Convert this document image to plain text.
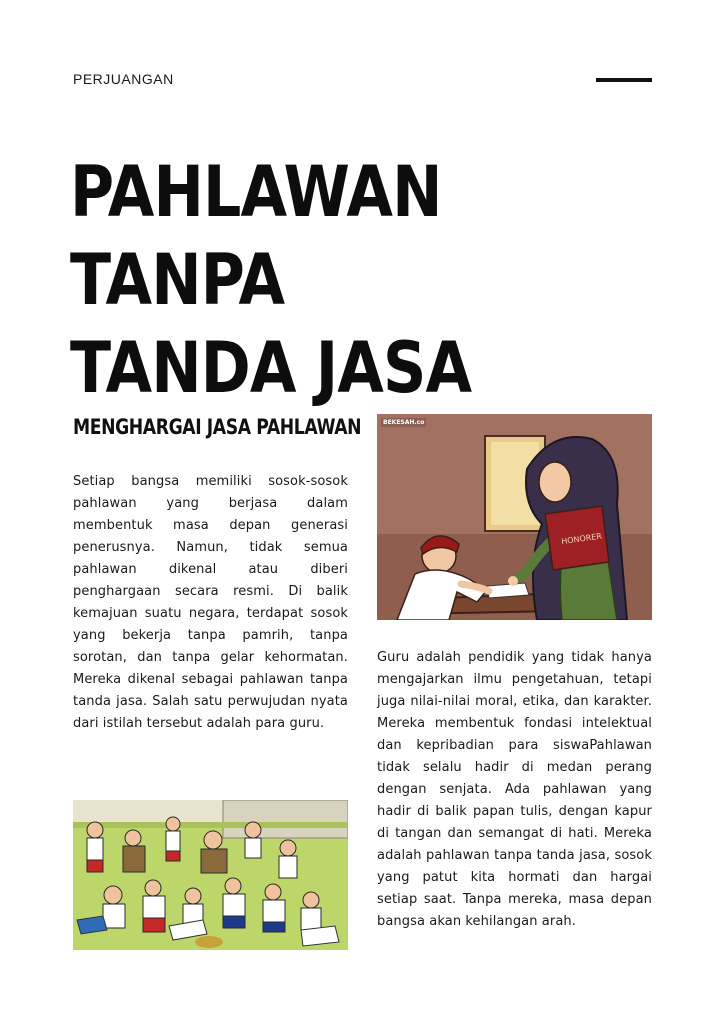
PERJUANGAN
PAHLAWAN TANPA
TANDA JASA
MENGHARGAI JASA PAHLAWAN

Setiap bangsa memiliki sosok-sosok pahlawan yang berjasa dalam membentuk masa depan generasi penerusnya. Namun, tidak semua pahlawan dikenal atau diberi penghargaan secara resmi. Di balik kemajuan suatu negara, terdapat sosok yang bekerja tanpa pamrih, tanpa sorotan, dan tanpa gelar kehormatan. Mereka dikenal sebagai pahlawan tanpa tanda jasa. Salah satu perwujudan nyata dari istilah tersebut adalah para guru.

HONORER
BEKESAH.co

Guru adalah pendidik yang tidak hanya mengajarkan ilmu pengetahuan, tetapi juga nilai-nilai moral, etika, dan karakter. Mereka membentuk fondasi intelektual dan kepribadian para siswaPahlawan tidak selalu hadir di medan perang dengan senjata. Ada pahlawan yang hadir di balik papan tulis, dengan kapur di tangan dan semangat di hati. Mereka adalah pahlawan tanpa tanda jasa, sosok yang patut kita hormati dan hargai setiap saat. Tanpa mereka, masa depan bangsa akan kehilangan arah.
